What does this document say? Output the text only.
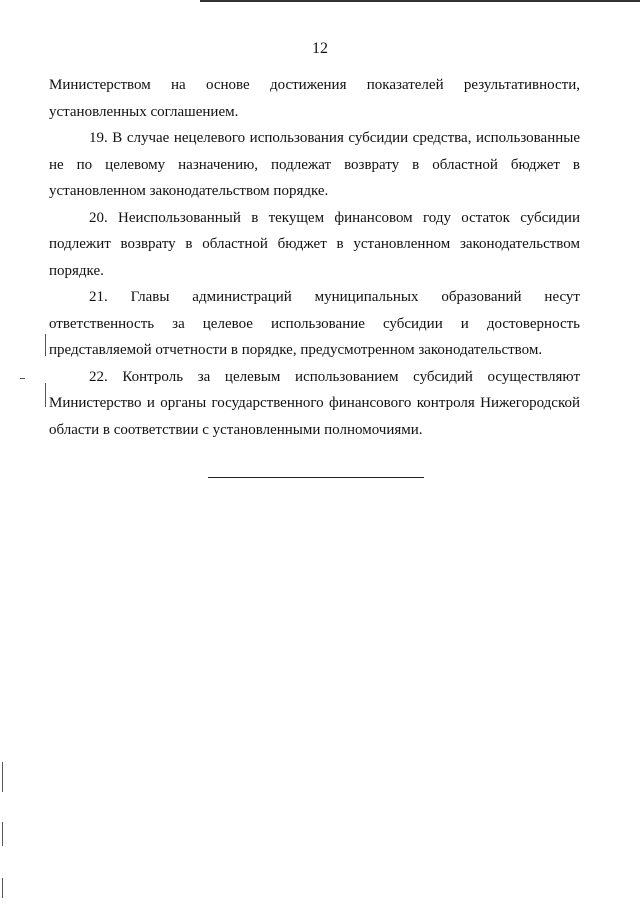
12

Министерством на основе достижения показателей результативности, установленных соглашением.

19. В случае нецелевого использования субсидии средства, использованные не по целевому назначению, подлежат возврату в областной бюджет в установленном законодательством порядке.

20. Неиспользованный в текущем финансовом году остаток субсидии подлежит возврату в областной бюджет в установленном законодательством порядке.

21. Главы администраций муниципальных образований несут ответственность за целевое использование субсидии и достоверность представляемой отчетности в порядке, предусмотренном законодательством.

22. Контроль за целевым использованием субсидий осуществляют Министерство и органы государственного финансового контроля Нижегородской области в соответствии с установленными полномочиями.
